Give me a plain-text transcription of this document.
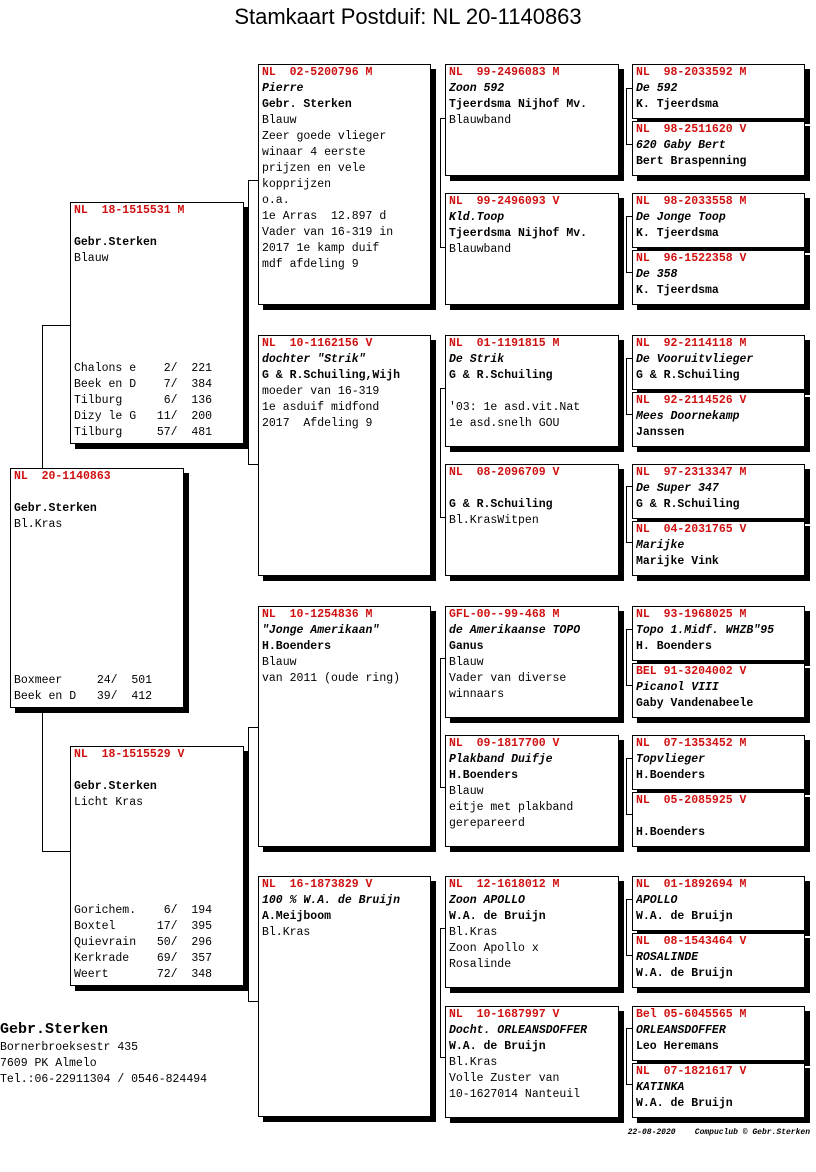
Stamkaart Postduif: NL 20-1140863
NL  20-1140863
Gebr.Sterken
Bl.Kras
Boxmeer     24/  501
Beek en D   39/  412
NL  18-1515531 M
Gebr.Sterken
Blauw
Chalons e    2/  221
Beek en D    7/  384
Tilburg      6/  136
Dizy le G   11/  200
Tilburg     57/  481
NL  18-1515529 V
Gebr.Sterken
Licht Kras
Gorichem.    6/  194
Boxtel      17/  395
Quievrain   50/  296
Kerkrade    69/  357
Weert       72/  348
NL  02-5200796 M
Pierre
Gebr. Sterken
Blauw
Zeer goede vlieger
winaar 4 eerste
prijzen en vele
kopprijzen
o.a.
1e Arras  12.897 d
Vader van 16-319 in
2017 1e kamp duif
mdf afdeling 9
NL  10-1162156 V
dochter "Strik"
G & R.Schuiling,Wijh
moeder van 16-319
1e asduif midfond
2017  Afdeling 9
NL  10-1254836 M
"Jonge Amerikaan"
H.Boenders
Blauw
van 2011 (oude ring)
NL  16-1873829 V
100 % W.A. de Bruijn
A.Meijboom
Bl.Kras
NL  99-2496083 M
Zoon 592
Tjeerdsma Nijhof Mv.
Blauwband
NL  99-2496093 V
Kld.Toop
Tjeerdsma Nijhof Mv.
Blauwband
NL  01-1191815 M
De Strik
G & R.Schuiling
'03: 1e asd.vit.Nat
1e asd.snelh GOU
NL  08-2096709 V
G & R.Schuiling
Bl.KrasWitpen
GFL-00--99-468 M
de Amerikaanse TOPO
Ganus
Blauw
Vader van diverse
winnaars
NL  09-1817700 V
Plakband Duifje
H.Boenders
Blauw
eitje met plakband
gerepareerd
NL  12-1618012 M
Zoon APOLLO
W.A. de Bruijn
Bl.Kras
Zoon Apollo x
Rosalinde
NL  10-1687997 V
Docht. ORLEANSDOFFER
W.A. de Bruijn
Bl.Kras
Volle Zuster van
10-1627014 Nanteuil
NL  98-2033592 M
De 592
K. Tjeerdsma
NL  98-2511620 V
620 Gaby Bert
Bert Braspenning
NL  98-2033558 M
De Jonge Toop
K. Tjeerdsma
NL  96-1522358 V
De 358
K. Tjeerdsma
NL  92-2114118 M
De Vooruitvlieger
G & R.Schuiling
NL  92-2114526 V
Mees Doornekamp
Janssen
NL  97-2313347 M
De Super 347
G & R.Schuiling
NL  04-2031765 V
Marijke
Marijke Vink
NL  93-1968025 M
Topo 1.Midf. WHZB"95
H. Boenders
BEL 91-3204002 V
Picanol VIII
Gaby Vandenabeele
NL  07-1353452 M
Topvlieger
H.Boenders
NL  05-2085925 V
H.Boenders
NL  01-1892694 M
APOLLO
W.A. de Bruijn
NL  08-1543464 V
ROSALINDE
W.A. de Bruijn
Bel 05-6045565 M
ORLEANSDOFFER
Leo Heremans
NL  07-1821617 V
KATINKA
W.A. de Bruijn
Gebr.Sterken
Bornerbroeksestr 435
7609 PK Almelo
Tel.:06-22911304 / 0546-824494
22-08-2020    Compuclub © Gebr.Sterken
